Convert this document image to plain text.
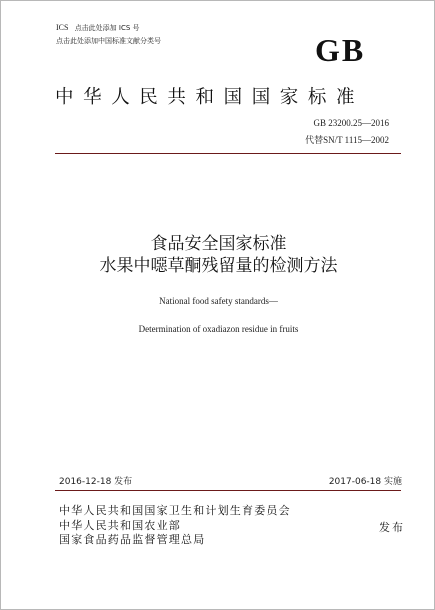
ICS 点击此处添加 ICS 号
点击此处添加中国标准文献分类号	GB
中华人民共和国国家标准
GB 23200.25—2016
代替SN/T 1115—2002
食品安全国家标准
水果中噁草酮残留量的检测方法
National food safety standards—
Determination of oxadiazon residue in fruits
2016-12-18 发布	2017-06-18 实施
中华人民共和国国家卫生和计划生育委员会
中华人民共和国农业部
国家食品药品监督管理总局
发布
